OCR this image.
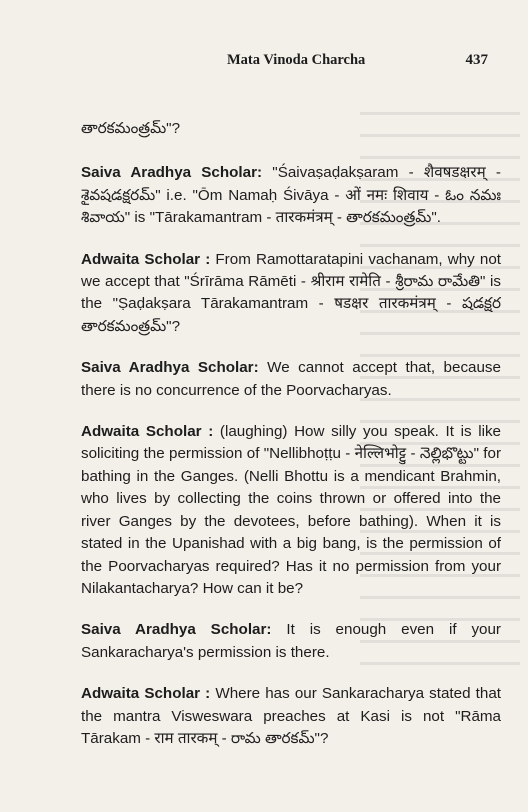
Mata Vinoda Charcha	437

తారకమంత్రమ్"?

Saiva Aradhya Scholar: "Śaivaṣaḍakṣaram - शैवषडक्षरम् - శైవషడక్షరమ్" i.e. "Ōm Namaḥ Śivāya - ओं नमः शिवाय - ఓం నమః శివాయ" is "Tārakamantram - तारकमंत्रम् - తారకమంత్రమ్".

Adwaita Scholar : From Ramottaratapini vachanam, why not we accept that "Śrīrāma Rāmēti - श्रीराम रामेति - శ్రీరామ రామేతి" is the "Ṣaḍakṣara Tārakamantram - षडक्षर तारकमंत्रम् - షడక్షర తారకమంత్రమ్"?

Saiva Aradhya Scholar: We cannot accept that, because there is no concurrence of the Poorvacharyas.

Adwaita Scholar : (laughing) How silly you speak. It is like soliciting the permission of "Nellibhoṭṭu - नेल्लिभोट्टु - నెల్లిభొట్టు" for bathing in the Ganges. (Nelli Bhottu is a mendicant Brahmin, who lives by collecting the coins thrown or offered into the river Ganges by the devotees, before bathing). When it is stated in the Upanishad with a big bang, is the permission of the Poorvacharyas required? Has it no permission from your Nilakantacharya? How can it be?

Saiva Aradhya Scholar: It is enough even if your Sankaracharya's permission is there.

Adwaita Scholar : Where has our Sankaracharya stated that the mantra Visweswara preaches at Kasi is not "Rāma Tārakam - राम तारकम् - రామ తారకమ్"?
